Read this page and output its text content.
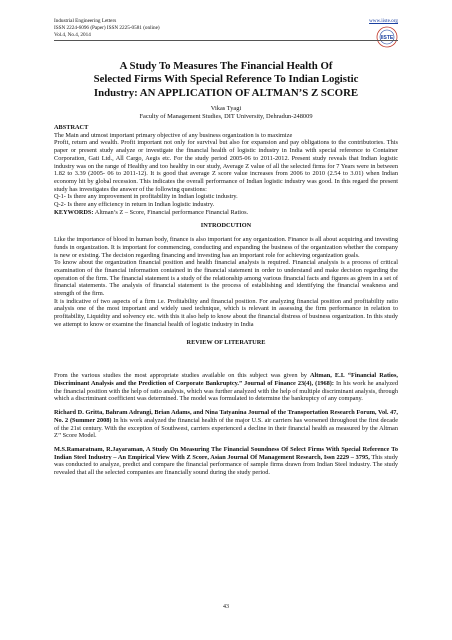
Industrial Engineering Letters
ISSN 2224-6096 (Paper) ISSN 2225-0581 (online)
Vol.4, No.4, 2014
www.iiste.org
IISTE
A Study To Measures The Financial Health Of
Selected Firms With Special Reference To Indian Logistic
Industry: AN APPLICATION OF ALTMAN’S Z SCORE
Vikas Tyagi
Faculty of Management Studies, DIT University, Dehradun-248009

ABSTRACT

The Main and utmost important primary objective of any business organization is to maximize

Profit, return and wealth. Profit important not only for survival but also for expansion and pay obligations to the contributories. This paper or present study analyze or investigate the financial health of logistic industry in India with special reference to Container Corporation, Gati Ltd., All Cargo, Aegis etc. For the study period 2005-06 to 2011-2012. Present study reveals that Indian logistic industry was on the range of Healthy and too healthy in our study, Average Z value of all the selected firms for 7 Years were in between 1.82 to 3.39 (2005- 06 to 2011-12). It is good that average Z score value increases from 2006 to 2010 (2.54 to 3.01) when Indian economy hit by global recession. This indicates the overall performance of Indian logistic industry was good. In this regard the present study has investigates the answer of the following questions:

Q-1- Is there any improvement in profitability in Indian logistic industry.

Q-2- Is there any efficiency in return in Indian logistic industry.

KEYWORDS: Altman’s Z – Score, Financial performance Financial Ratios.

INTRODCUTION

Like the importance of blood in human body, finance is also important for any organization. Finance is all about acquiring and investing funds in organization. It is important for commencing, conducting and expanding the business of the organization whether the company is new or existing. The decision regarding financing and investing has an important role for achieving organization goals.

To know about the organization financial position and health financial analysis is required. Financial analysis is a process of critical examination of the financial information contained in the financial statement in order to understand and make decision regarding the operation of the firm. The financial statement is a study of the relationship among various financial facts and figures as given in a set of financial statements. The analysis of financial statement is the process of establishing and identifying the financial weakness and strength of the firm.

It is indicative of two aspects of a firm i.e. Profitability and financial position. For analyzing financial position and profitability ratio analysis one of the most important and widely used technique, which is relevant in assessing the firm performance in relation to profitability, Liquidity and solvency etc. with this it also help to know about the financial distress of business organization. In this study we attempt to know or examine the financial health of logistic industry in India

REVIEW OF LITERATURE

From the various studies the most appropriate studies available on this subject was given by Altman, E.I. “Financial Ratios, Discriminant Analysis and the Prediction of Corporate Bankruptcy.” Journal of Finance 23(4), (1968): In his work he analyzed the financial position with the help of ratio analysis, which was further analyzed with the help of multiple discriminant analysis, through which a discriminant coefficient was determined. The model was formulated to determine the bankruptcy of any company.

Richard D. Gritta, Bahram Adrangi, Brian Adams, and Nina Tatyanina Journal of the Transportation Research Forum, Vol. 47, No. 2 (Summer 2008) In his work analyzed the financial health of the major U.S. air carriers has worsened throughout the first decade of the 21st century. With the exception of Southwest, carriers experienced a decline in their financial health as measured by the Altman Z’’ Score Model.

M.S.Ramaratnam, R.Jayaraman, A Study On Measuring The Financial Soundness Of Select Firms With Special Reference To Indian Steel Industry – An Empirical View With Z Score, Asian Journal Of Management Research, Issn 2229 – 3795, This study was conducted to analyze, predict and compare the financial performance of sample firms drawn from Indian Steel industry. The study revealed that all the selected companies are financially sound during the study period.

43
